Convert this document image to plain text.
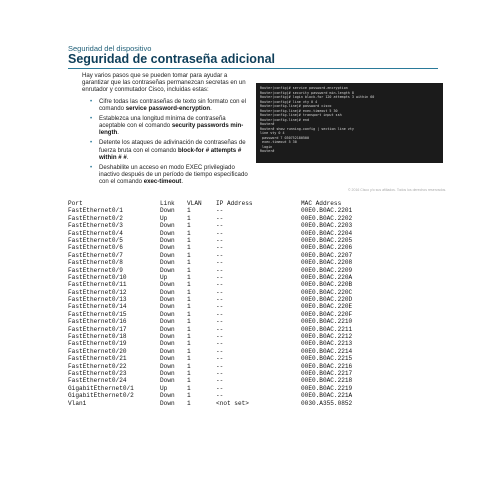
Seguridad del dispositivo
Seguridad de contraseña adicional
Hay varios pasos que se pueden tomar para ayudar a garantizar que las contraseñas permanezcan secretas en un enrutador y conmutador Cisco, incluidas estas:
• Cifre todas las contraseñas de texto sin formato con el comando service password-encryption.
• Establezca una longitud mínima de contraseña aceptable con el comando security passwords min-length.
• Detente los ataques de adivinación de contraseñas de fuerza bruta con el comando block-for # attempts # within # #.
• Deshabilite un acceso en modo EXEC privilegiado inactivo después de un período de tiempo especificado con el comando exec-timeout.
Router(config)# service password-encryption
Router(config)# security password min-length 8
Router(config)# login block-for 120 attempts 3 within 60
Router(config)# line vty 0 4
Router(config-line)# password cisco
Router(config-line)# exec-timeout 5 30
Router(config-line)# transport input ssh
Router(config-line)# end
Router#
Router# show running-config | section line vty
line vty 0 4
password 7 030752180500
exec-timeout 5 30
login
Router#
© 2016 Cisco y/o sus afiliados. Todos los derechos reservados.
Port	Link	VLAN	IP Address	MAC Address
FastEthernet0/1	Down	1	--	00E0.B0AC.2201
FastEthernet0/2	Up	1	--	00E0.B0AC.2202
FastEthernet0/3	Down	1	--	00E0.B0AC.2203
FastEthernet0/4	Down	1	--	00E0.B0AC.2204
FastEthernet0/5	Down	1	--	00E0.B0AC.2205
FastEthernet0/6	Down	1	--	00E0.B0AC.2206
FastEthernet0/7	Down	1	--	00E0.B0AC.2207
FastEthernet0/8	Down	1	--	00E0.B0AC.2208
FastEthernet0/9	Down	1	--	00E0.B0AC.2209
FastEthernet0/10	Up	1	--	00E0.B0AC.220A
FastEthernet0/11	Down	1	--	00E0.B0AC.220B
FastEthernet0/12	Down	1	--	00E0.B0AC.220C
FastEthernet0/13	Down	1	--	00E0.B0AC.220D
FastEthernet0/14	Down	1	--	00E0.B0AC.220E
FastEthernet0/15	Down	1	--	00E0.B0AC.220F
FastEthernet0/16	Down	1	--	00E0.B0AC.2210
FastEthernet0/17	Down	1	--	00E0.B0AC.2211
FastEthernet0/18	Down	1	--	00E0.B0AC.2212
FastEthernet0/19	Down	1	--	00E0.B0AC.2213
FastEthernet0/20	Down	1	--	00E0.B0AC.2214
FastEthernet0/21	Down	1	--	00E0.B0AC.2215
FastEthernet0/22	Down	1	--	00E0.B0AC.2216
FastEthernet0/23	Down	1	--	00E0.B0AC.2217
FastEthernet0/24	Down	1	--	00E0.B0AC.2218
GigabitEthernet0/1	Up	1	--	00E0.B0AC.2219
GigabitEthernet0/2	Down	1	--	00E0.B0AC.221A
Vlan1	Down	1	<not set>	0030.A355.0852
